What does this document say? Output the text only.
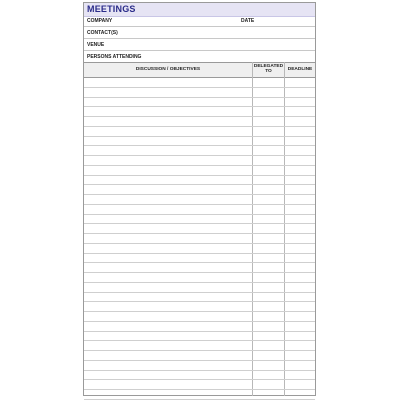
MEETINGS
COMPANY	DATE
CONTACT(S)
VENUE
PERSONS ATTENDING
DISCUSSION / OBJECTIVES
DELEGATED
TO	DEADLINE
